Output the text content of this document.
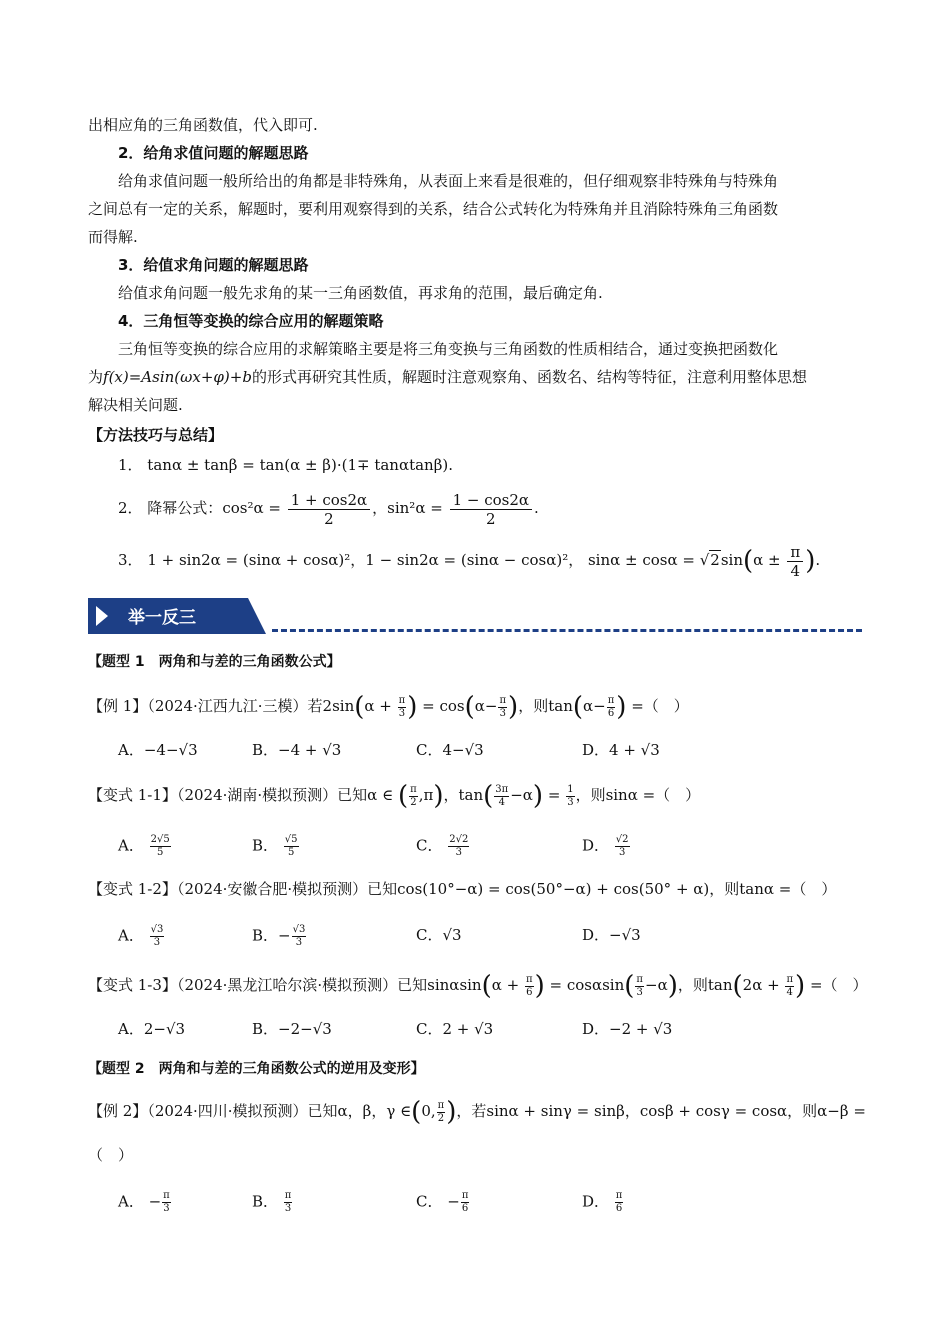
出相应角的三角函数值，代入即可.
2．给角求值问题的解题思路
给角求值问题一般所给出的角都是非特殊角，从表面上来看是很难的，但仔细观察非特殊角与特殊角
之间总有一定的关系，解题时，要利用观察得到的关系，结合公式转化为特殊角并且消除特殊角三角函数
而得解.
3．给值求角问题的解题思路
给值求角问题一般先求角的某一三角函数值，再求角的范围，最后确定角.
4．三角恒等变换的综合应用的解题策略
三角恒等变换的综合应用的求解策略主要是将三角变换与三角函数的性质相结合，通过变换把函数化
为f(x)=Asin(ωx+φ)+b的形式再研究其性质，解题时注意观察角、函数名、结构等特征，注意利用整体思想
解决相关问题.
【方法技巧与总结】
1． tanα ± tanβ = tan(α ± β)·(1∓ tanαtanβ).
2． 降幂公式：$\cos^2\alpha = \frac{1 + \cos 2\alpha}{2}$ ，$\sin^2\alpha = \frac{1 - \cos 2\alpha}{2}$ .
3． 1 + sin2α = (sinα + cosα)²，1 − sin2α = (sinα − cosα)²， $\sin\alpha \pm \cos\alpha = √2\sin(\alpha \pm \frac{\pi}{4}$ ).
举一反三
【题型 1　两角和与差的三角函数公式】
【例 1】（2024·江西九江·三模）若$2\sin(\alpha + \frac{\pi}{3}$ ) = $\cos(\alpha- \frac{\pi}{3}$ )，则$\tan(\alpha- \frac{\pi}{6}$ ) =（　）
A．−4−√3	B．−4 + √3	C．4−√3	D．4 + √3
【变式 1-1】（2024·湖南·模拟预测）已知α ∈ ( $\frac{\pi}{2} ,\pi$)，$\tan( \frac{3\pi}{4} -\alpha) = \frac{1}{3}$ ，则sinα =（　）
A． $\frac{2√5}{5}$	B． $\frac{√5}{5}$	C． $\frac{2√2}{3}$	D． $\frac{√2}{3}$
【变式 1-2】（2024·安徽合肥·模拟预测）已知cos(10°−α) = cos(50°−α) + cos(50° + α)，则tanα =（　）
A． $\frac{√3}{3}$	B．− $\frac{√3}{3}$	C．√3	D．−√3
【变式 1-3】（2024·黑龙江哈尔滨·模拟预测）已知$\sin\alpha\sin(\alpha + \frac{\pi}{6}$ ) = $\cos\alpha\sin( \frac{\pi}{3} -\alpha)$，则$\tan(2\alpha + \frac{\pi}{4}$ ) =（　）
A．2−√3	B．−2−√3	C．2 + √3	D．−2 + √3
【题型 2　两角和与差的三角函数公式的逆用及变形】
【例 2】（2024·四川·模拟预测）已知α，β，γ ∈(0, $\frac{\pi}{2}$ )，若sinα + sinγ = sinβ，cosβ + cosγ = cosα，则α−β =
（　）
A． − $\frac{\pi}{3}$	B． $\frac{\pi}{3}$	C． − $\frac{\pi}{6}$	D． $\frac{\pi}{6}$
